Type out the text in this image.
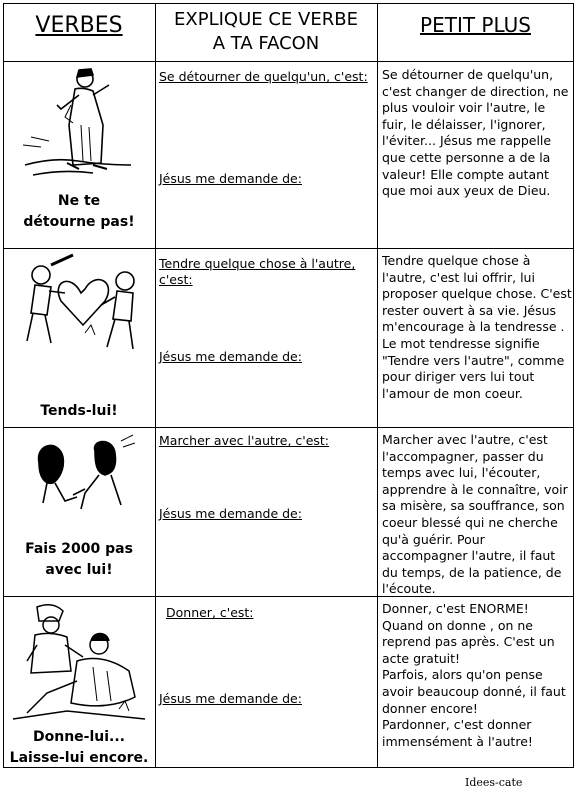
VERBES	EXPLIQUE CE VERBE
A TA FACON
PETIT PLUS
Ne te
détourne pas!
Se détourner de quelqu'un, c'est:
Jésus me demande de:
Se détourner de quelqu'un, c'est changer de direction, ne plus vouloir voir l'autre, le fuir, le délaisser, l'ignorer, l'éviter... Jésus me rappelle que cette personne a de la valeur! Elle compte autant que moi aux yeux de Dieu.
Tends-lui!
Tendre quelque chose à l'autre, c'est:
Jésus me demande de:
Tendre quelque chose à l'autre, c'est lui offrir, lui proposer quelque chose. C'est rester ouvert à sa vie. Jésus m'encourage à la tendresse . Le mot tendresse signifie "Tendre vers l'autre", comme pour diriger vers lui tout l'amour de mon coeur.
Fais 2000 pas
avec lui!
Marcher avec l'autre, c'est:
Jésus me demande de:
Marcher avec l'autre, c'est l'accompagner, passer du temps avec lui, l'écouter, apprendre à le connaître, voir sa misère, sa souffrance, son coeur blessé qui ne cherche qu'à guérir. Pour accompagner l'autre, il faut du temps, de la patience, de l'écoute.
Donne-lui...
Laisse-lui encore.
Donner, c'est:
Jésus me demande de:
Donner, c'est ENORME! Quand on donne , on ne reprend pas après. C'est un acte gratuit!
Parfois, alors qu'on pense avoir beaucoup donné, il faut donner encore!
Pardonner, c'est donner immensément à l'autre!
Idees-cate
